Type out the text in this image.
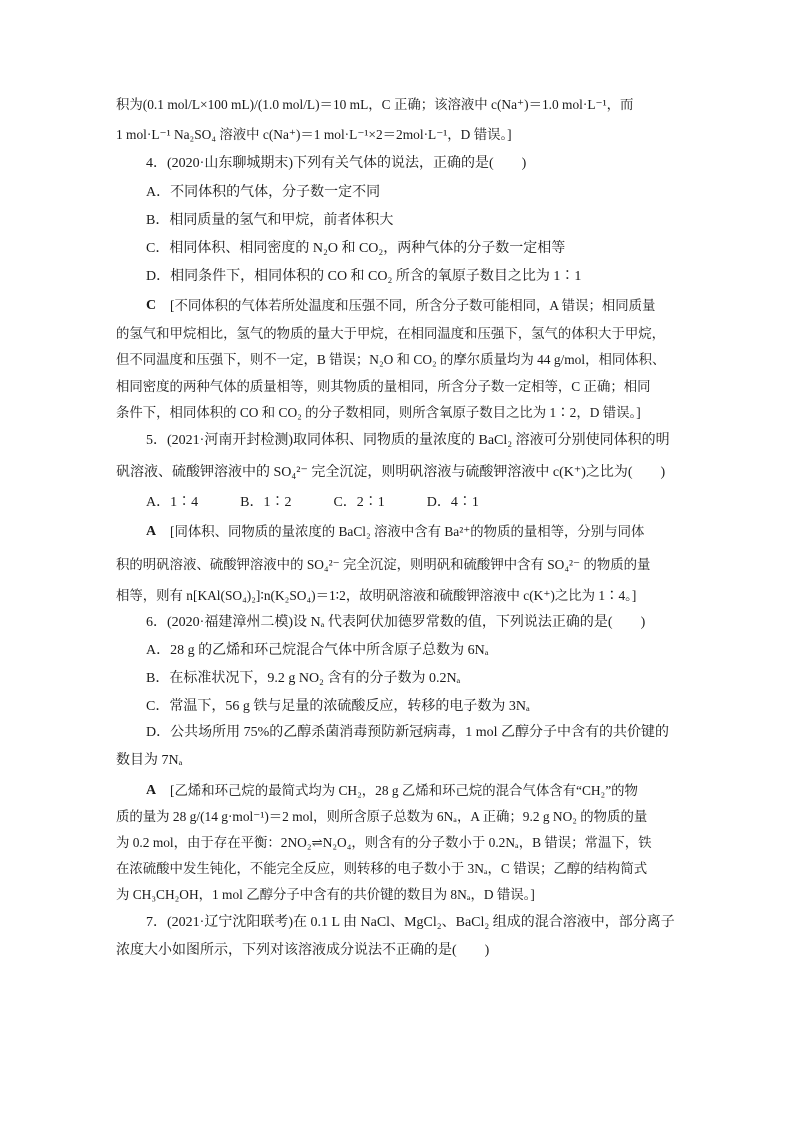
积为(0.1 mol/L×100 mL)/(1.0 mol/L)＝10 mL，C 正确；该溶液中 c(Na⁺)＝1.0 mol·L⁻¹，而
1 mol·L⁻¹ Na₂SO₄ 溶液中 c(Na⁺)＝1 mol·L⁻¹×2＝2mol·L⁻¹，D 错误。]
4．(2020·山东聊城期末)下列有关气体的说法，正确的是(　　)
A．不同体积的气体，分子数一定不同
B．相同质量的氢气和甲烷，前者体积大
C．相同体积、相同密度的 N₂O 和 CO₂，两种气体的分子数一定相等
D．相同条件下，相同体积的 CO 和 CO₂ 所含的氧原子数目之比为 1∶1
C [不同体积的气体若所处温度和压强不同，所含分子数可能相同，A 错误；相同质量
的氢气和甲烷相比，氢气的物质的量大于甲烷，在相同温度和压强下，氢气的体积大于甲烷，
但不同温度和压强下，则不一定，B 错误；N₂O 和 CO₂ 的摩尔质量均为 44 g/mol，相同体积、
相同密度的两种气体的质量相等，则其物质的量相同，所含分子数一定相等，C 正确；相同
条件下，相同体积的 CO 和 CO₂ 的分子数相同，则所含氧原子数目之比为 1∶2，D 错误。]
5．(2021·河南开封检测)取同体积、同物质的量浓度的 BaCl₂ 溶液可分别使同体积的明
矾溶液、硫酸钾溶液中的 SO₄²⁻ 完全沉淀，则明矾溶液与硫酸钾溶液中 c(K⁺)之比为(　　)
A．1∶4　　　B．1∶2　　　C．2∶1　　　D．4∶1
A [同体积、同物质的量浓度的 BaCl₂ 溶液中含有 Ba²⁺的物质的量相等，分别与同体
积的明矾溶液、硫酸钾溶液中的 SO₄²⁻ 完全沉淀，则明矾和硫酸钾中含有 SO₄²⁻ 的物质的量
相等，则有 n[KAl(SO₄)₂]∶n(K₂SO₄)＝1∶2，故明矾溶液和硫酸钾溶液中 c(K⁺)之比为 1∶4。]
6．(2020·福建漳州二模)设 Nₐ 代表阿伏加德罗常数的值，下列说法正确的是(　　)
A．28 g 的乙烯和环己烷混合气体中所含原子总数为 6Nₐ
B．在标准状况下，9.2 g NO₂ 含有的分子数为 0.2Nₐ
C．常温下，56 g 铁与足量的浓硫酸反应，转移的电子数为 3Nₐ
D．公共场所用 75%的乙醇杀菌消毒预防新冠病毒，1 mol 乙醇分子中含有的共价键的
数目为 7Nₐ
A [乙烯和环己烷的最简式均为 CH₂，28 g 乙烯和环己烷的混合气体含有“CH₂”的物
质的量为 28 g/(14 g·mol⁻¹)＝2 mol，则所含原子总数为 6Nₐ，A 正确；9.2 g NO₂ 的物质的量
为 0.2 mol，由于存在平衡：2NO₂⇌N₂O₄，则含有的分子数小于 0.2Nₐ，B 错误；常温下，铁
在浓硫酸中发生钝化，不能完全反应，则转移的电子数小于 3Nₐ，C 错误；乙醇的结构简式
为 CH₃CH₂OH，1 mol 乙醇分子中含有的共价键的数目为 8Nₐ，D 错误。]
7．(2021·辽宁沈阳联考)在 0.1 L 由 NaCl、MgCl₂、BaCl₂ 组成的混合溶液中，部分离子
浓度大小如图所示，下列对该溶液成分说法不正确的是(　　)
